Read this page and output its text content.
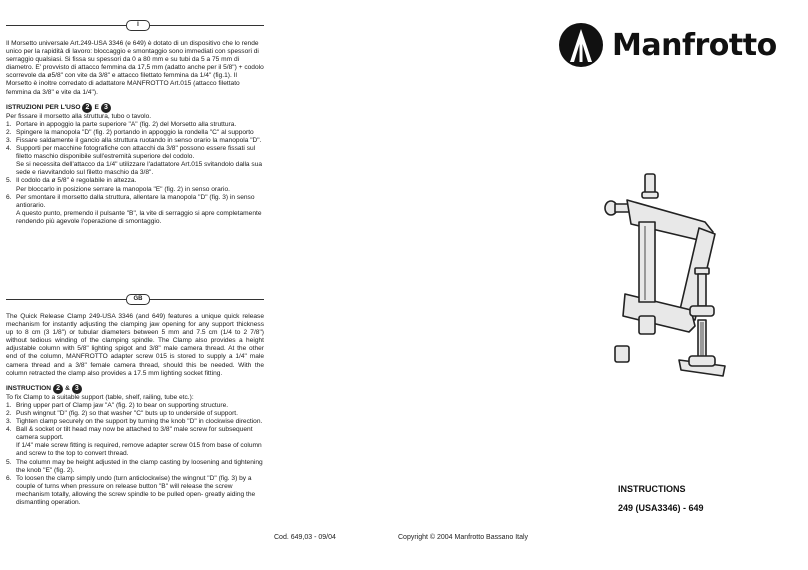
I

Il Morsetto universale Art.249-USA 3346 (e 649) è dotato di un dispositivo che lo rende unico per la rapidità di lavoro: bloccaggio e smontaggio sono immediati con spessori di serraggio qualsiasi. Si fissa su spessori da 0 a 80 mm e su tubi da 5 a 75 mm di diametro. E' provvisto di attacco femmina da 17,5 mm (adatto anche per il 5/8") + codolo scorrevole da ø5/8" con vite da 3/8" e attacco filettato femmina da 1/4" (fig.1). Il Morsetto è inoltre corredato di adattatore MANFROTTO Art.015 (attacco filettato femmina da 3/8" e vite da 1/4").

ISTRUZIONI PER L'USO 2 E 3

Per fissare il morsetto alla struttura, tubo o tavolo.

1. Portare in appoggio la parte superiore "A" (fig. 2) del Morsetto alla struttura.
2. Spingere la manopola "D" (fig. 2) portando in appoggio la rondella "C" al supporto
3. Fissare saldamente il gancio alla struttura ruotando in senso orario la manopola "D".
4. Supporti per macchine fotografiche con attacchi da 3/8" possono essere fissati sul filetto maschio disponibile sull'estremità superiore del codolo.
Se si necessita dell'attacco da 1/4" utilizzare l'adattatore Art.015 svitandolo dalla sua sede e riavvitandolo sul filetto maschio da 3/8".
5. Il codolo da ø 5/8" è regolabile in altezza.
Per bloccarlo in posizione serrare la manopola "E" (fig. 2) in senso orario.
6. Per smontare il morsetto dalla struttura, allentare la manopola "D" (fig. 3) in senso antiorario.
A questo punto, premendo il pulsante "B", la vite di serraggio si apre completamente rendendo più agevole l'operazione di smontaggio.
GB

The Quick Release Clamp 249-USA 3346 (and 649) features a unique quick release mechanism for instantly adjusting the clamping jaw opening for any support thickness up to 8 cm (3 1/8") or tubular diameters between 5 mm and 7.5 cm (1/4 to 2 7/8") without tedious winding of the clamping spindle. The Clamp also provides a height adjustable column with 5/8" lighting spigot and 3/8" male camera thread. At the other end of the column, MANFROTTO adapter screw 015 is stored to supply a 1/4" male camera thread and a 3/8" female camera thread, should this be needed. With the column retracted the clamp also provides a 17.5 mm lighting socket fitting.

INSTRUCTION 2 & 3

To fix Clamp to a suitable support (table, shelf, railing, tube etc.):

1. Bring upper part of Clamp jaw "A" (fig. 2) to bear on supporting structure.
2. Push wingnut "D" (fig. 2) so that washer "C" buts up to underside of support.
3. Tighten clamp securely on the support by turning the knob "D" in clockwise direction.
4. Ball & socket or tilt head may now be attached to 3/8" male screw for subsequent camera support.
If 1/4" male screw fitting is required, remove adapter screw 015 from base of column and screw to the top to convert thread.
5. The column may be height adjusted in the clamp casting by loosening and tightening the knob "E" (fig. 2).
6. To loosen the clamp simply undo (turn anticlockwise) the wingnut "D" (fig. 3) by a couple of turns when pressure on release button "B" will release the screw mechanism totally, allowing the screw spindle to be pulled open- greatly aiding the dismantling operation.
Manfrotto
INSTRUCTIONS
249 (USA3346) - 649
Cod. 649,03 - 09/04	Copyright © 2004 Manfrotto Bassano Italy
